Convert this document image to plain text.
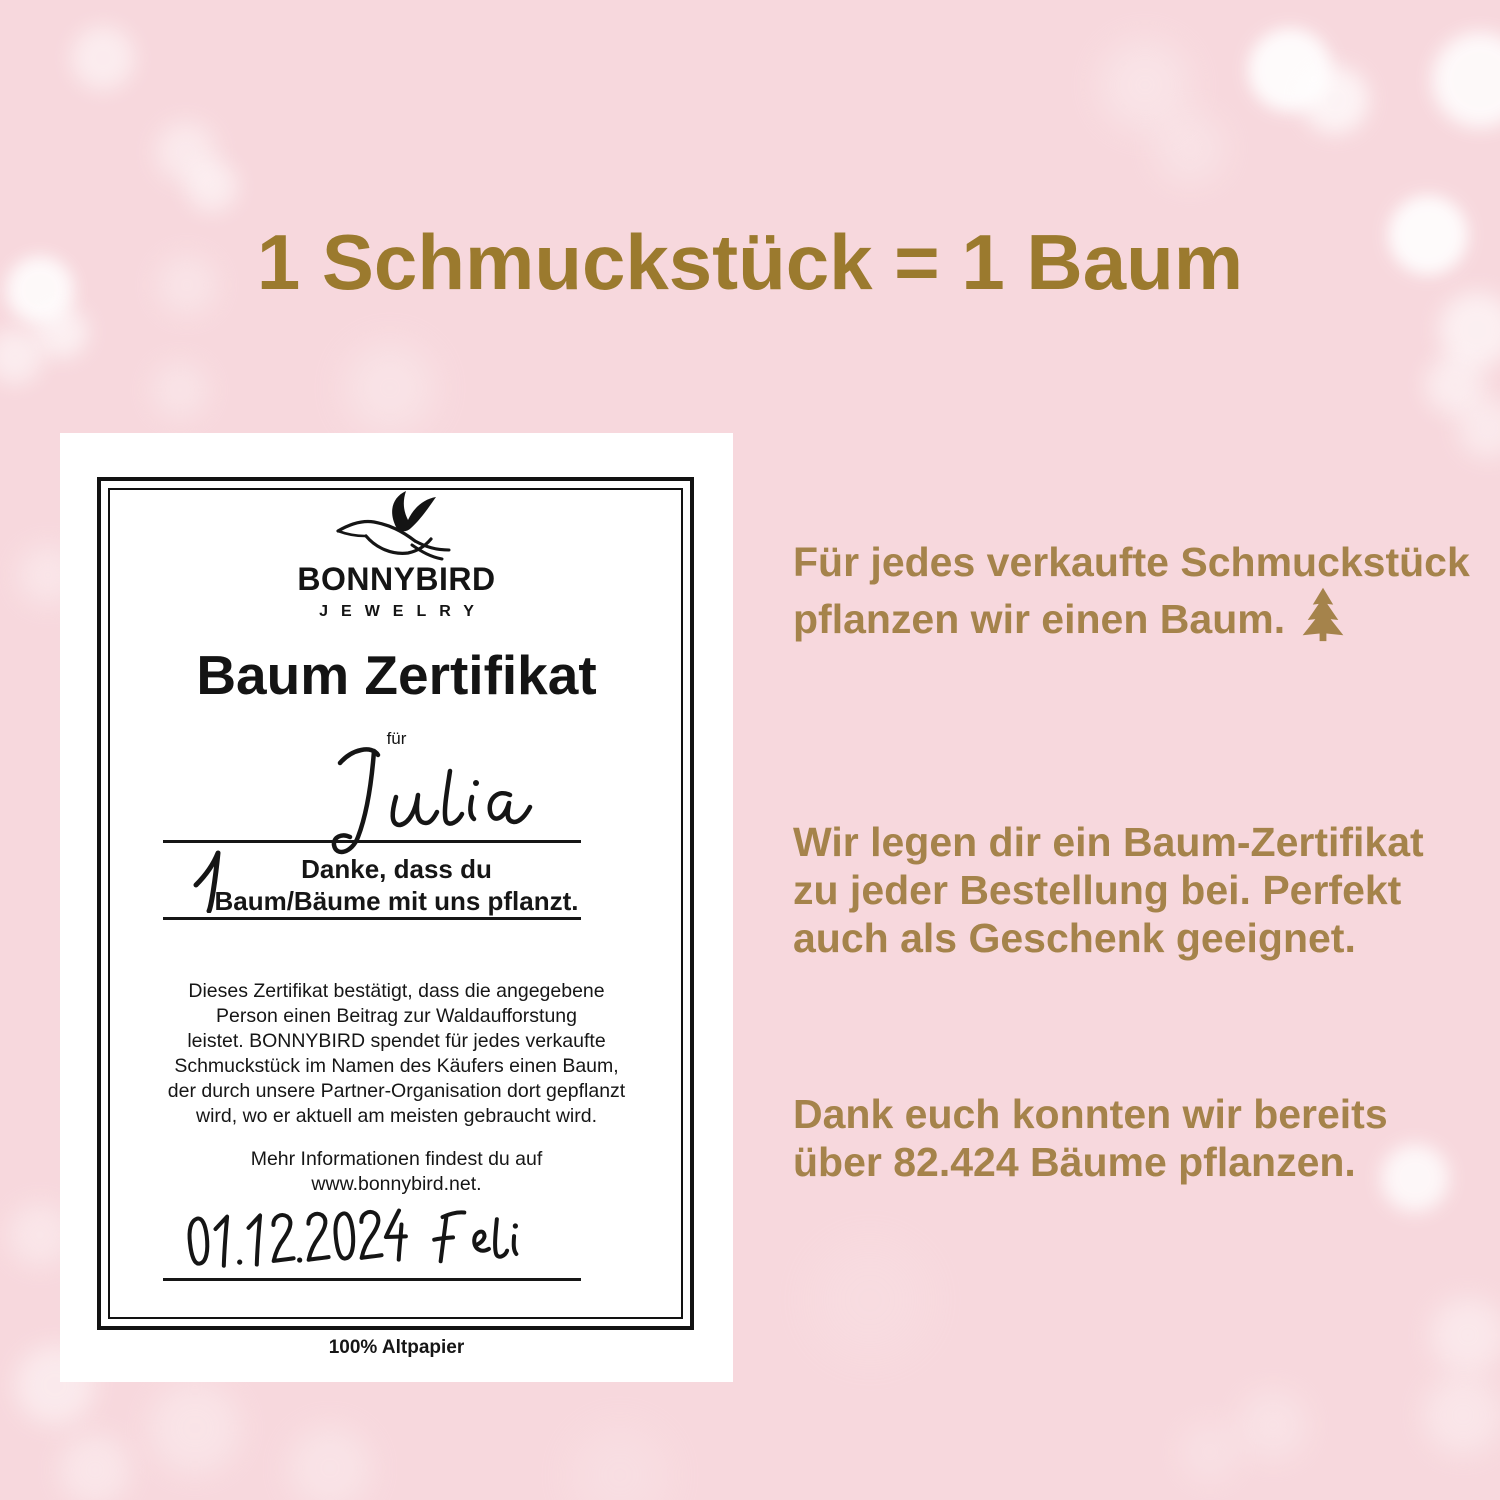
1 Schmuckstück = 1 Baum
BONNYBIRD
JEWELRY
Baum Zertifikat
für
Danke, dass du
Baum/Bäume mit uns pflanzt.
Dieses Zertifikat bestätigt, dass die angegebene
Person einen Beitrag zur Waldaufforstung
leistet. BONNYBIRD spendet für jedes verkaufte
Schmuckstück im Namen des Käufers einen Baum,
der durch unsere Partner-Organisation dort gepflanzt
wird, wo er aktuell am meisten gebraucht wird.
Mehr Informationen findest du auf
www.bonnybird.net.
100% Altpapier
Für jedes verkaufte Schmuckstück
pflanzen wir einen Baum.
Wir legen dir ein Baum-Zertifikat
zu jeder Bestellung bei. Perfekt
auch als Geschenk geeignet.
Dank euch konnten wir bereits
über 82.424 Bäume pflanzen.
